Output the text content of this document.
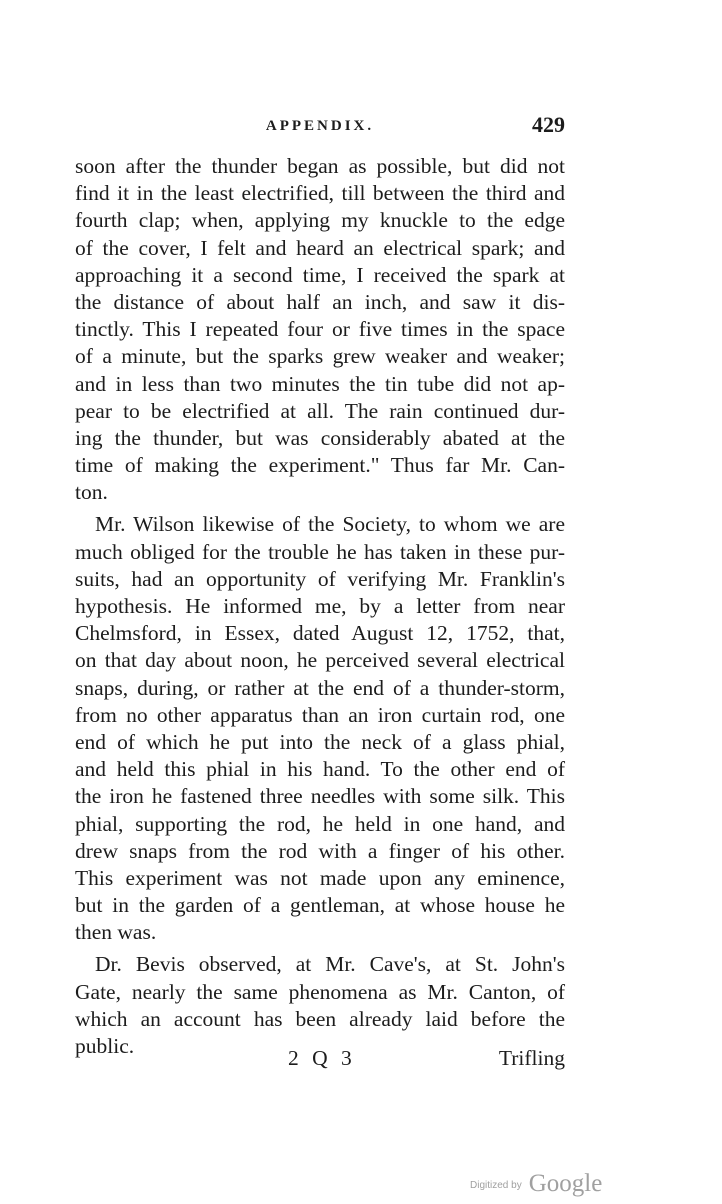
APPENDIX.	429
soon after the thunder began as possible, but did not
find it in the least electrified, till between the third and
fourth clap; when, applying my knuckle to the edge
of the cover, I felt and heard an electrical spark; and
approaching it a second time, I received the spark at
the distance of about half an inch, and saw it dis-
tinctly. This I repeated four or five times in the space
of a minute, but the sparks grew weaker and weaker;
and in less than two minutes the tin tube did not ap-
pear to be electrified at all. The rain continued dur-
ing the thunder, but was considerably abated at the
time of making the experiment." Thus far Mr. Can-
ton.
Mr. Wilson likewise of the Society, to whom we are
much obliged for the trouble he has taken in these pur-
suits, had an opportunity of verifying Mr. Franklin's
hypothesis. He informed me, by a letter from near
Chelmsford, in Essex, dated August 12, 1752, that,
on that day about noon, he perceived several electrical
snaps, during, or rather at the end of a thunder-storm,
from no other apparatus than an iron curtain rod, one
end of which he put into the neck of a glass phial,
and held this phial in his hand. To the other end of
the iron he fastened three needles with some silk. This
phial, supporting the rod, he held in one hand, and
drew snaps from the rod with a finger of his other.
This experiment was not made upon any eminence,
but in the garden of a gentleman, at whose house he
then was.
Dr. Bevis observed, at Mr. Cave's, at St. John's
Gate, nearly the same phenomena as Mr. Canton, of
which an account has been already laid before the
public.	2 Q 3	Trifling
Digitized by Google
